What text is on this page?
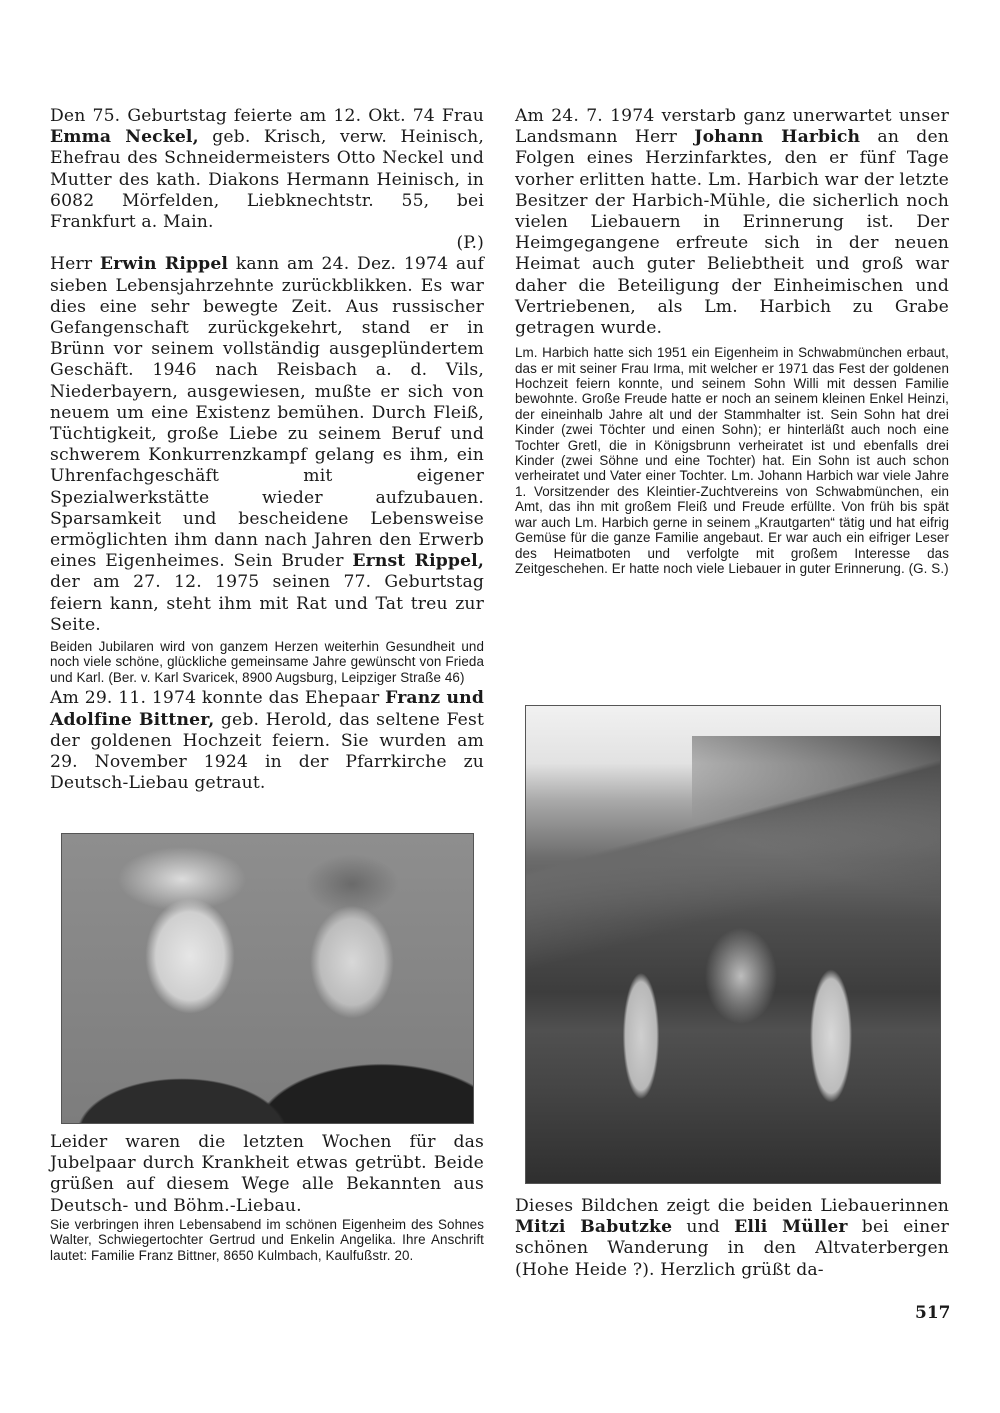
Den 75. Geburtstag feierte am 12. Okt. 74 Frau Emma Neckel, geb. Krisch, verw. Heinisch, Ehefrau des Schneidermeisters Otto Neckel und Mutter des kath. Diakons Hermann Heinisch, in 6082 Mörfelden, Liebknechtstr. 55, bei Frankfurt a. Main.
(P.)

Herr Erwin Rippel kann am 24. Dez. 1974 auf sieben Lebensjahrzehnte zurückblikken. Es war dies eine sehr bewegte Zeit. Aus russischer Gefangenschaft zurückgekehrt, stand er in Brünn vor seinem vollständig ausgeplündertem Geschäft. 1946 nach Reisbach a. d. Vils, Niederbayern, ausgewiesen, mußte er sich von neuem um eine Existenz bemühen. Durch Fleiß, Tüchtigkeit, große Liebe zu seinem Beruf und schwerem Konkurrenzkampf gelang es ihm, ein Uhrenfachgeschäft mit eigener Spezialwerkstätte wieder aufzubauen. Sparsamkeit und bescheidene Lebensweise ermöglichten ihm dann nach Jahren den Erwerb eines Eigenheimes. Sein Bruder Ernst Rippel, der am 27. 12. 1975 seinen 77. Geburtstag feiern kann, steht ihm mit Rat und Tat treu zur Seite.

Beiden Jubilaren wird von ganzem Herzen weiterhin Gesundheit und noch viele schöne, glückliche gemeinsame Jahre gewünscht von Frieda und Karl. (Ber. v. Karl Svaricek, 8900 Augsburg, Leipziger Straße 46)

Am 29. 11. 1974 konnte das Ehepaar Franz und Adolfine Bittner, geb. Herold, das seltene Fest der goldenen Hochzeit feiern. Sie wurden am 29. November 1924 in der Pfarrkirche zu Deutsch-Liebau getraut.

Leider waren die letzten Wochen für das Jubelpaar durch Krankheit etwas getrübt. Beide grüßen auf diesem Wege alle Bekannten aus Deutsch- und Böhm.-Liebau.

Sie verbringen ihren Lebensabend im schönen Eigenheim des Sohnes Walter, Schwiegertochter Gertrud und Enkelin Angelika. Ihre Anschrift lautet: Familie Franz Bittner, 8650 Kulmbach, Kaulfußstr. 20.

Am 24. 7. 1974 verstarb ganz unerwartet unser Landsmann Herr Johann Harbich an den Folgen eines Herzinfarktes, den er fünf Tage vorher erlitten hatte. Lm. Harbich war der letzte Besitzer der Harbich-Mühle, die sicherlich noch vielen Liebauern in Erinnerung ist. Der Heimgegangene erfreute sich in der neuen Heimat auch guter Beliebtheit und groß war daher die Beteiligung der Einheimischen und Vertriebenen, als Lm. Harbich zu Grabe getragen wurde.

Lm. Harbich hatte sich 1951 ein Eigenheim in Schwabmünchen erbaut, das er mit seiner Frau Irma, mit welcher er 1971 das Fest der goldenen Hochzeit feiern konnte, und seinem Sohn Willi mit dessen Familie bewohnte. Große Freude hatte er noch an seinem kleinen Enkel Heinzi, der eineinhalb Jahre alt und der Stammhalter ist. Sein Sohn hat drei Kinder (zwei Töchter und einen Sohn); er hinterläßt auch noch eine Tochter Gretl, die in Königsbrunn verheiratet ist und ebenfalls drei Kinder (zwei Söhne und eine Tochter) hat. Ein Sohn ist auch schon verheiratet und Vater einer Tochter. Lm. Johann Harbich war viele Jahre 1. Vorsitzender des Kleintier-Zuchtvereins von Schwabmünchen, ein Amt, das ihn mit großem Fleiß und Freude erfüllte. Von früh bis spät war auch Lm. Harbich gerne in seinem „Krautgarten“ tätig und hat eifrig Gemüse für die ganze Familie angebaut. Er war auch ein eifriger Leser des Heimatboten und verfolgte mit großem Interesse das Zeitgeschehen. Er hatte noch viele Liebauer in guter Erinnerung. (G. S.)

Dieses Bildchen zeigt die beiden Liebauerinnen Mitzi Babutzke und Elli Müller bei einer schönen Wanderung in den Altvaterbergen (Hohe Heide ?). Herzlich grüßt da-

517
